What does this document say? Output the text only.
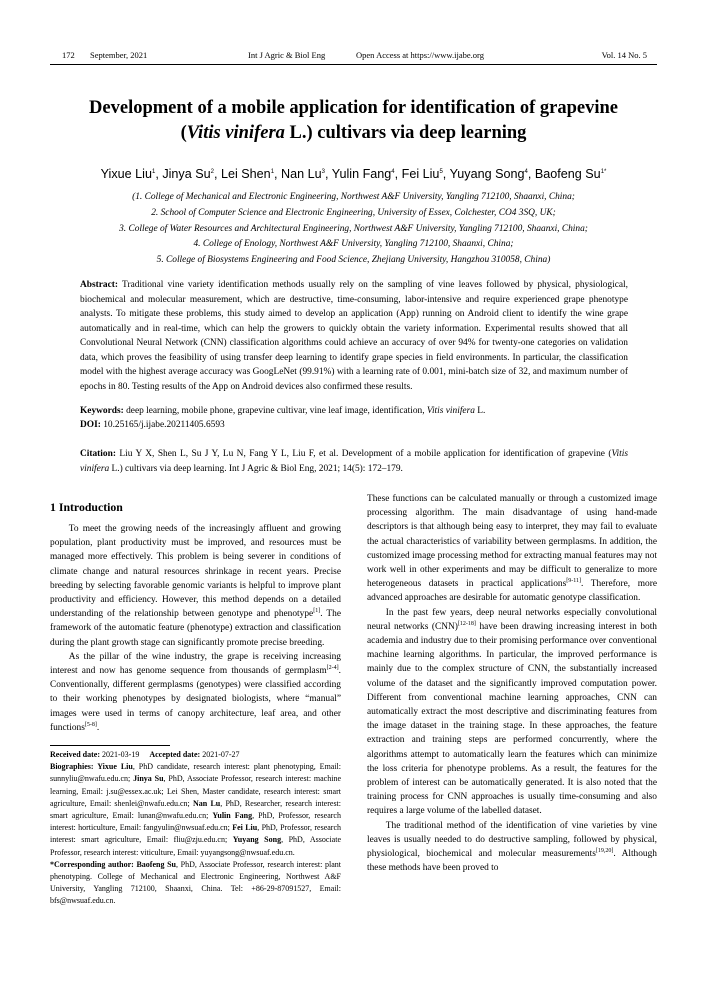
172 September, 2021	Int J Agric & Biol Eng	Open Access at https://www.ijabe.org	Vol. 14 No. 5
Development of a mobile application for identification of grapevine
(Vitis vinifera L.) cultivars via deep learning
Yixue Liu$^1$, Jinya Su$^2$, Lei Shen$^1$, Nan Lu$^3$, Yulin Fang$^4$, Fei Liu$^5$, Yuyang Song$^4$, Baofeng $Su^{1*}$
(1. College of Mechanical and Electronic Engineering, Northwest A&F University, Yangling 712100, Shaanxi, China;
2. School of Computer Science and Electronic Engineering, University of Essex, Colchester, CO4 3SQ, UK;
3. College of Water Resources and Architectural Engineering, Northwest A&F University, Yangling 712100, Shaanxi, China;
4. College of Enology, Northwest A&F University, Yangling 712100, Shaanxi, China;
5. College of Biosystems Engineering and Food Science, Zhejiang University, Hangzhou 310058, China)
Abstract: Traditional vine variety identification methods usually rely on the sampling of vine leaves followed by physical, physiological, biochemical and molecular measurement, which are destructive, time-consuming, labor-intensive and require experienced grape phenotype analysts. To mitigate these problems, this study aimed to develop an application (App) running on Android client to identify the wine grape automatically and in real-time, which can help the growers to quickly obtain the variety information. Experimental results showed that all Convolutional Neural Network (CNN) classification algorithms could achieve an accuracy of over 94% for twenty-one categories on validation data, which proves the feasibility of using transfer deep learning to identify grape species in field environments. In particular, the classification model with the highest average accuracy was GoogLeNet (99.91%) with a learning rate of 0.001, mini-batch size of 32, and maximum number of epochs in 80. Testing results of the App on Android devices also confirmed these results.
Keywords: deep learning, mobile phone, grapevine cultivar, vine leaf image, identification, Vitis vinifera L.
DOI: 10.25165/j.ijabe.20211405.6593
Citation: Liu Y X, Shen L, Su J Y, Lu N, Fang Y L, Liu F, et al. Development of a mobile application for identification of grapevine (Vitis vinifera L.) cultivars via deep learning. Int J Agric & Biol Eng, 2021; 14(5): 172–179.
1 Introduction

To meet the growing needs of the increasingly affluent and growing population, plant productivity must be improved, and resources must be managed more effectively. This problem is being severer in conditions of climate change and natural resources shrinkage in recent years. Precise breeding by selecting favorable genomic variants is helpful to improve plant productivity and efficiency. However, this method depends on a detailed understanding of the relationship between genotype and phenotype[1]. The framework of the automatic feature (phenotype) extraction and classification during the plant growth stage can significantly promote precise breeding.

As the pillar of the wine industry, the grape is receiving increasing interest and now has genome sequence from thousands of germplasm[2-4]. Conventionally, different germplasms (genotypes) were classified according to their working phenotypes by designated biologists, where “manual” images were used in terms of canopy architecture, leaf area, and other functions[5-8].

Received date: 2021-03-19 Accepted date: 2021-07-27

Biographies: Yixue Liu, PhD candidate, research interest: plant phenotyping, Email: sunnyliu@nwafu.edu.cn; Jinya Su, PhD, Associate Professor, research interest: machine learning, Email: j.su@essex.ac.uk; Lei Shen, Master candidate, research interest: smart agriculture, Email: shenlei@nwafu.edu.cn; Nan Lu, PhD, Researcher, research interest: smart agriculture, Email: lunan@nwafu.edu.cn; Yulin Fang, PhD, Professor, research interest: horticulture, Email: fangyulin@nwsuaf.edu.cn; Fei Liu, PhD, Professor, research interest: smart agriculture, Email: fliu@zju.edu.cn; Yuyang Song, PhD, Associate Professor, research interest: viticulture, Email: yuyangsong@nwsuaf.edu.cn.

*Corresponding author: Baofeng Su, PhD, Associate Professor, research interest: plant phenotyping. College of Mechanical and Electronic Engineering, Northwest A&F University, Yangling 712100, Shaanxi, China. Tel: +86-29-87091527, Email: bfs@nwsuaf.edu.cn.

These functions can be calculated manually or through a customized image processing algorithm. The main disadvantage of using hand-made descriptors is that although being easy to interpret, they may fail to evaluate the actual characteristics of variability between germplasms. In addition, the customized image processing method for extracting manual features may not work well in other experiments and may be difficult to generalize to more heterogeneous datasets in practical applications[9-11]. Therefore, more advanced approaches are desirable for automatic genotype classification.

In the past few years, deep neural networks especially convolutional neural networks (CNN)[12-18] have been drawing increasing interest in both academia and industry due to their promising performance over conventional machine learning algorithms. In particular, the improved performance is mainly due to the complex structure of CNN, the substantially increased volume of the dataset and the significantly improved computation power. Different from conventional machine learning approaches, CNN can automatically extract the most descriptive and discriminating features from the image dataset in the training stage. In these approaches, the feature extraction and training steps are performed concurrently, where the algorithms attempt to automatically learn the features which can minimize the loss criteria for phenotype problems. As a result, the features for the problem of interest can be automatically generated. It is also noted that the training process for CNN approaches is usually time-consuming and also requires a large volume of the labelled dataset.

The traditional method of the identification of vine varieties by vine leaves is usually needed to do destructive sampling, followed by physical, physiological, biochemical and molecular measurements[19,20]. Although these methods have been proved to
